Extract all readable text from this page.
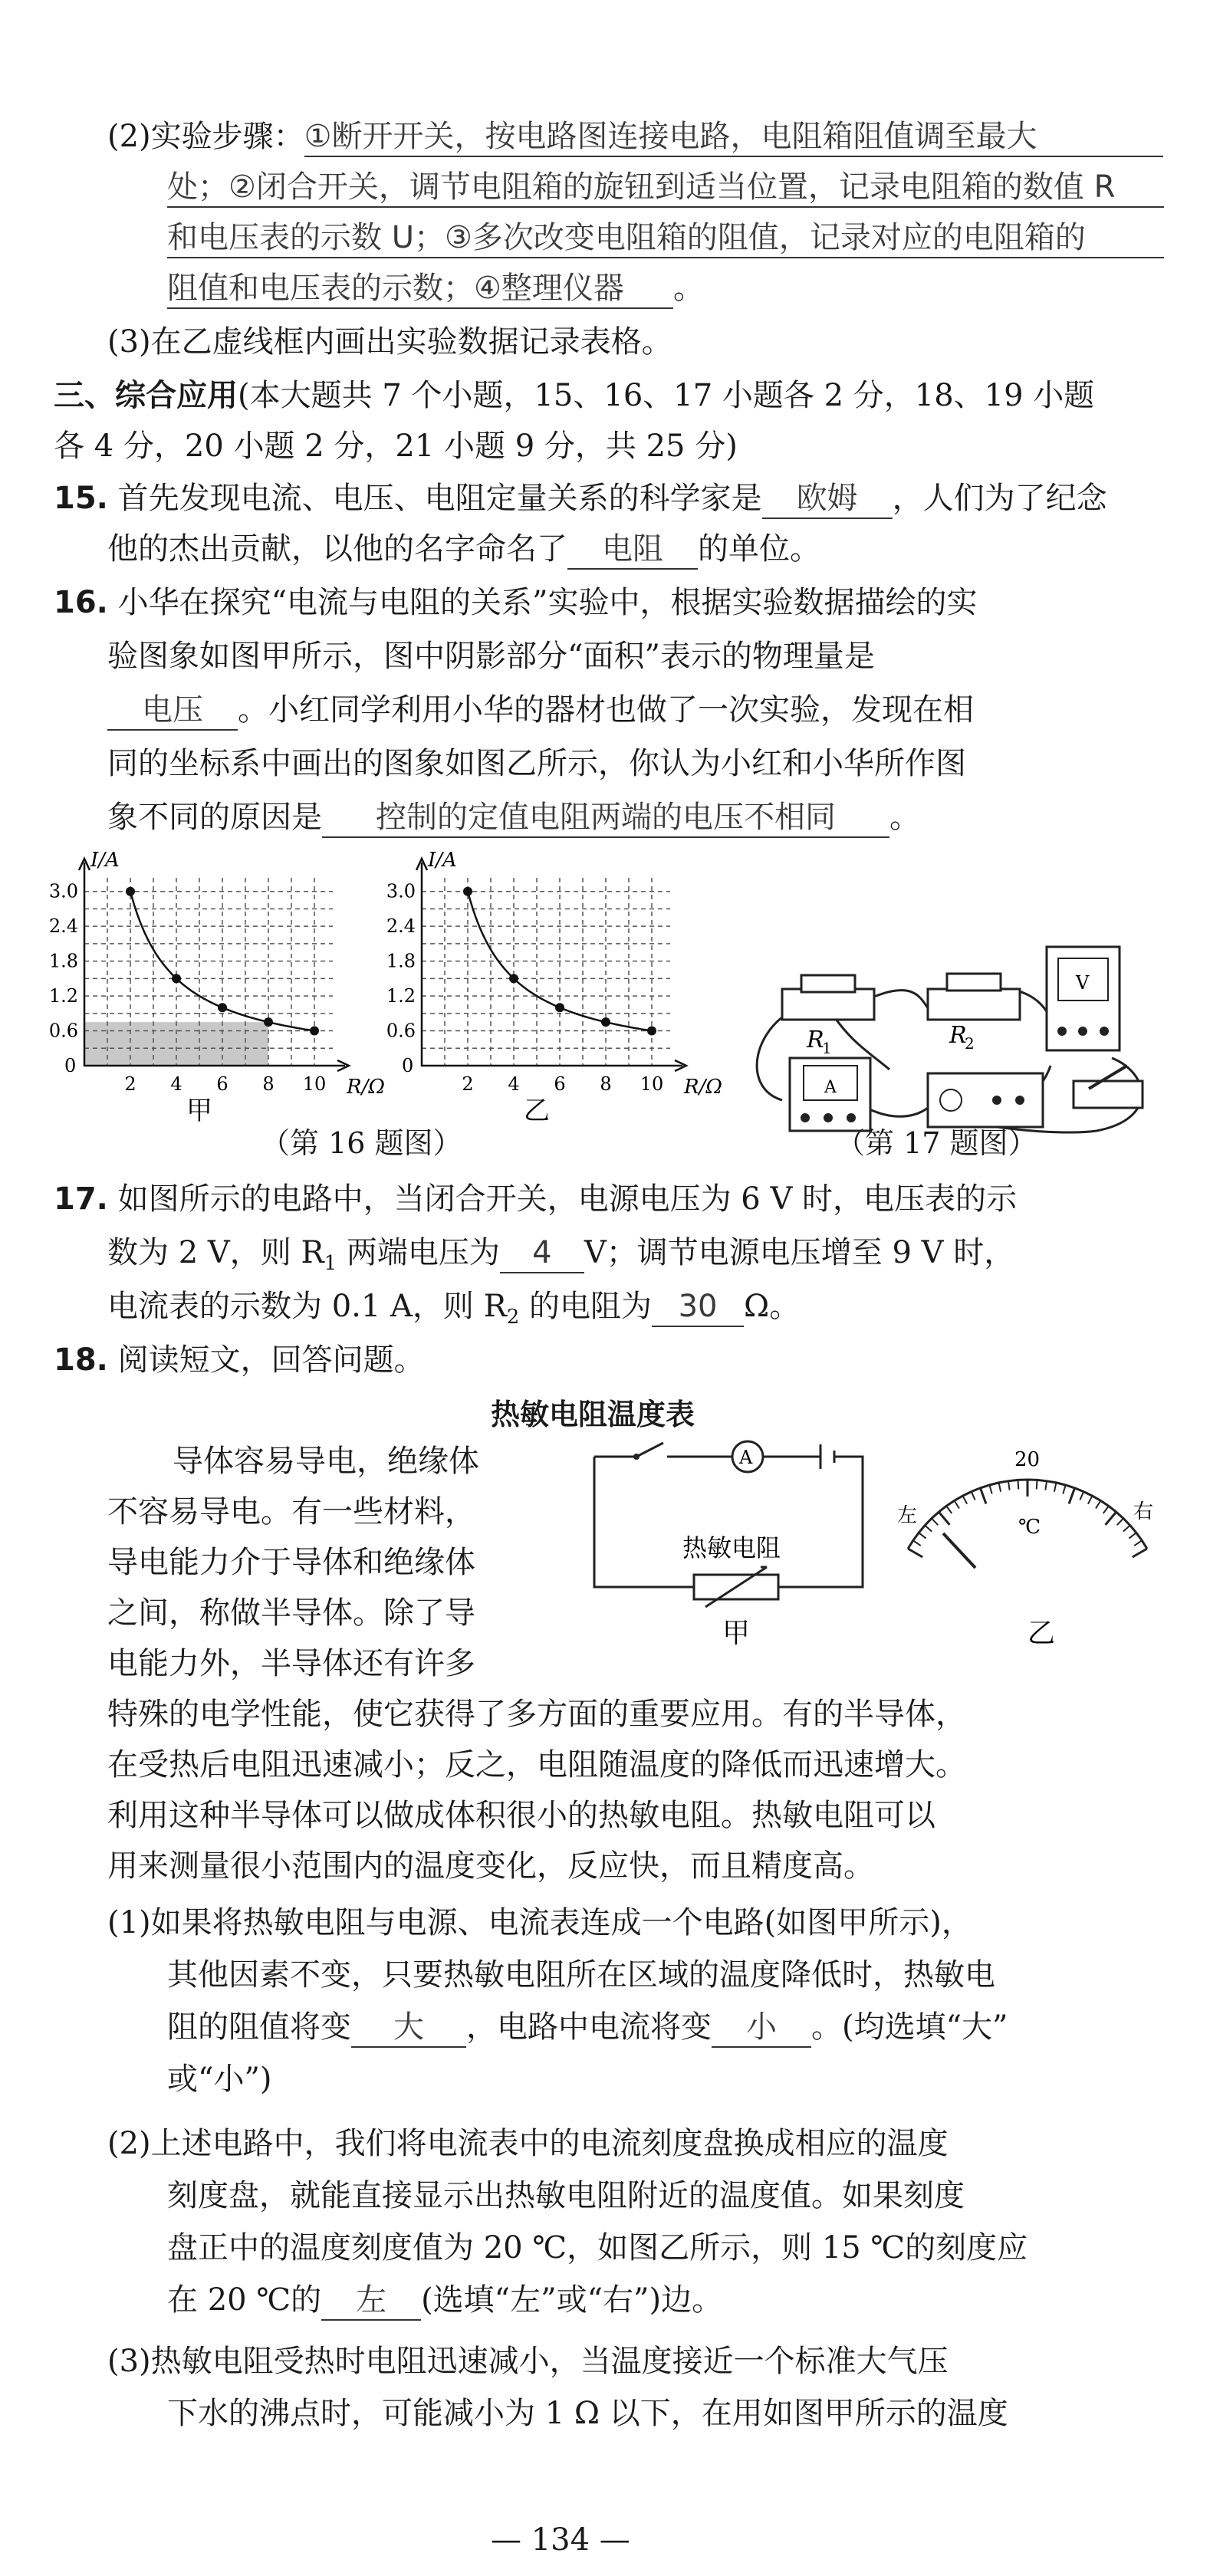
(2)实验步骤：①断开开关，按电路图连接电路，电阻箱阻值调至最大
处；②闭合开关，调节电阻箱的旋钮到适当位置，记录电阻箱的数值 R
和电压表的示数 U；③多次改变电阻箱的阻值，记录对应的电阻箱的
阻值和电压表的示数；④整理仪器 。
(3)在乙虚线框内画出实验数据记录表格。
三、综合应用(本大题共 7 个小题，15、16、17 小题各 2 分，18、19 小题
各 4 分，20 小题 2 分，21 小题 9 分，共 25 分)
15. 首先发现电流、电压、电阻定量关系的科学家是 欧姆 ，人们为了纪念
他的杰出贡献，以他的名字命名了 电阻 的单位。
16. 小华在探究“电流与电阻的关系”实验中，根据实验数据描绘的实
验图象如图甲所示，图中阴影部分“面积”表示的物理量是
电压 。小红同学利用小华的器材也做了一次实验，发现在相
同的坐标系中画出的图象如图乙所示，你认为小红和小华所作图
象不同的原因是 控制的定值电阻两端的电压不相同 。
I/A
R/Ω
0
3.0
2.4
1.8
1.2
0.6
2 4 6 8 10
甲
I/A
R/Ω
0
3.0
2.4
1.8
1.2
0.6
2 4 6 8 10
乙
R
1	R
2
V
A
（第 16 题图）	（第 17 题图）
17. 如图所示的电路中，当闭合开关，电源电压为 6 V 时，电压表的示
数为 2 V，则 $R_1$ 两端电压为 4 V；调节电源电压增至 9 V 时，
电流表的示数为 0.1 A，则 $R_2$ 的电阻为 30 Ω。
18. 阅读短文，回答问题。
热敏电阻温度表
导体容易导电，绝缘体
不容易导电。有一些材料，
导电能力介于导体和绝缘体
之间，称做半导体。除了导
电能力外，半导体还有许多
A
热敏电阻
甲
20
左	右
℃
乙
特殊的电学性能，使它获得了多方面的重要应用。有的半导体，
在受热后电阻迅速减小；反之，电阻随温度的降低而迅速增大。
利用这种半导体可以做成体积很小的热敏电阻。热敏电阻可以
用来测量很小范围内的温度变化，反应快，而且精度高。
(1)如果将热敏电阻与电源、电流表连成一个电路(如图甲所示)，
其他因素不变，只要热敏电阻所在区域的温度降低时，热敏电
阻的阻值将变 大 ，电路中电流将变 小 。(均选填“大”
或“小”)
(2)上述电路中，我们将电流表中的电流刻度盘换成相应的温度
刻度盘，就能直接显示出热敏电阻附近的温度值。如果刻度
盘正中的温度刻度值为 20 ℃，如图乙所示，则 15 ℃的刻度应
在 20 ℃的 左 (选填“左”或“右”)边。
(3)热敏电阻受热时电阻迅速减小，当温度接近一个标准大气压
下水的沸点时，可能减小为 1 Ω 以下，在用如图甲所示的温度
— 134 —
